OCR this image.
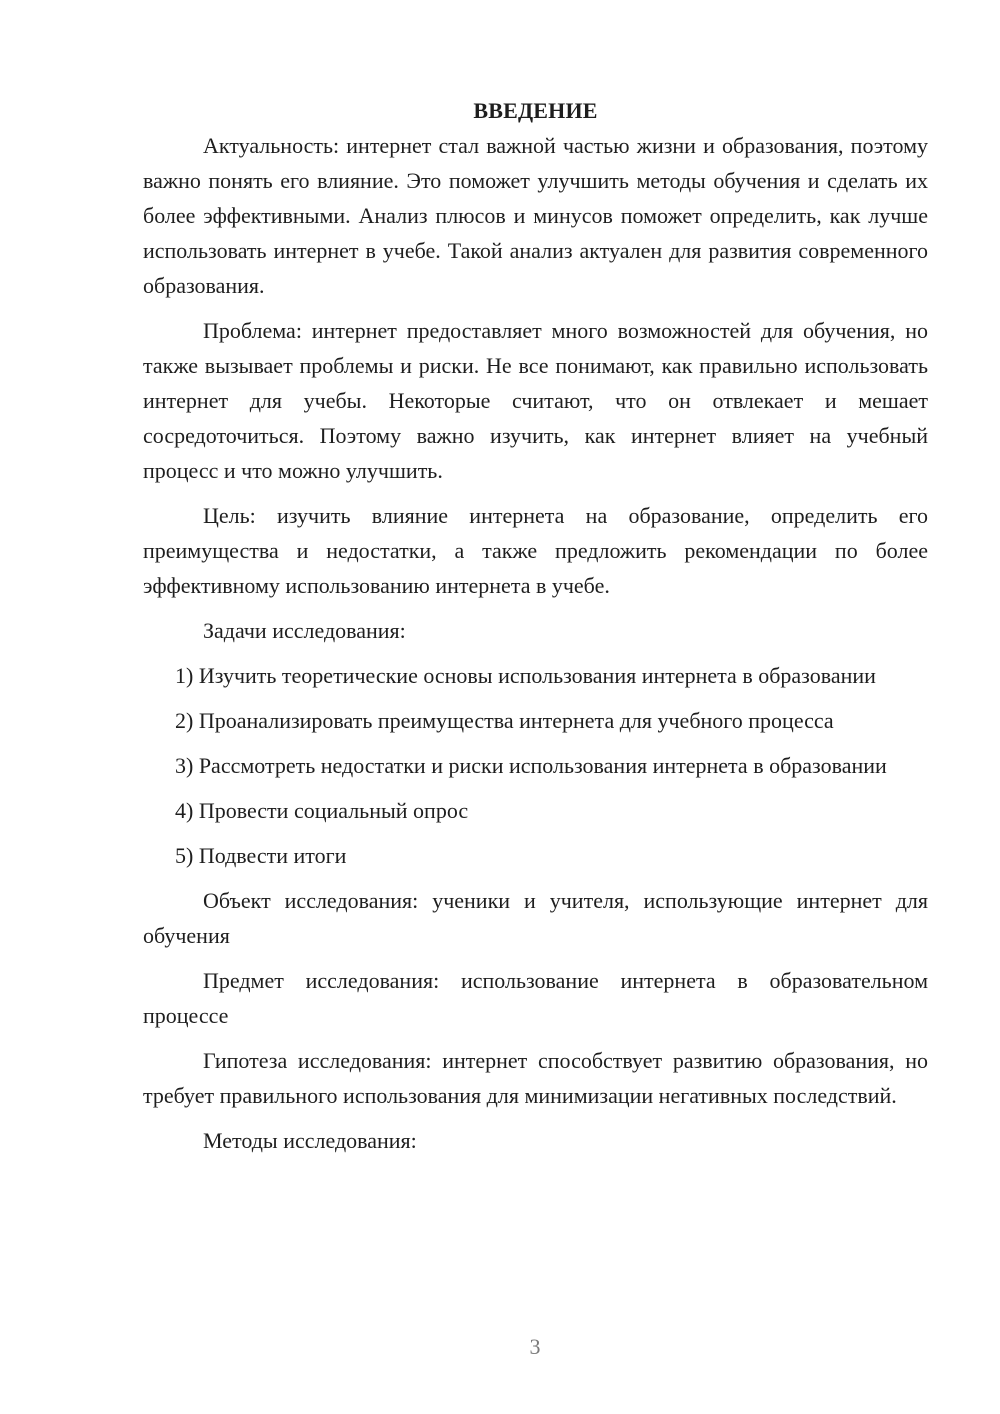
ВВЕДЕНИЕ

Актуальность: интернет стал важной частью жизни и образования, поэтому важно понять его влияние. Это поможет улучшить методы обучения и сделать их более эффективными. Анализ плюсов и минусов поможет определить, как лучше использовать интернет в учебе. Такой анализ актуален для развития современного образования.

Проблема: интернет предоставляет много возможностей для обучения, но также вызывает проблемы и риски. Не все понимают, как правильно использовать интернет для учебы. Некоторые считают, что он отвлекает и мешает сосредоточиться. Поэтому важно изучить, как интернет влияет на учебный процесс и что можно улучшить.

Цель: изучить влияние интернета на образование, определить его преимущества и недостатки, а также предложить рекомендации по более эффективному использованию интернета в учебе.

Задачи исследования:

1) Изучить теоретические основы использования интернета в образовании

2) Проанализировать преимущества интернета для учебного процесса

3) Рассмотреть недостатки и риски использования интернета в образовании

4) Провести социальный опрос

5) Подвести итоги

Объект исследования: ученики и учителя, использующие интернет для обучения

Предмет исследования: использование интернета в образовательном процессе

Гипотеза исследования: интернет способствует развитию образования, но требует правильного использования для минимизации негативных последствий.

Методы исследования:

3
